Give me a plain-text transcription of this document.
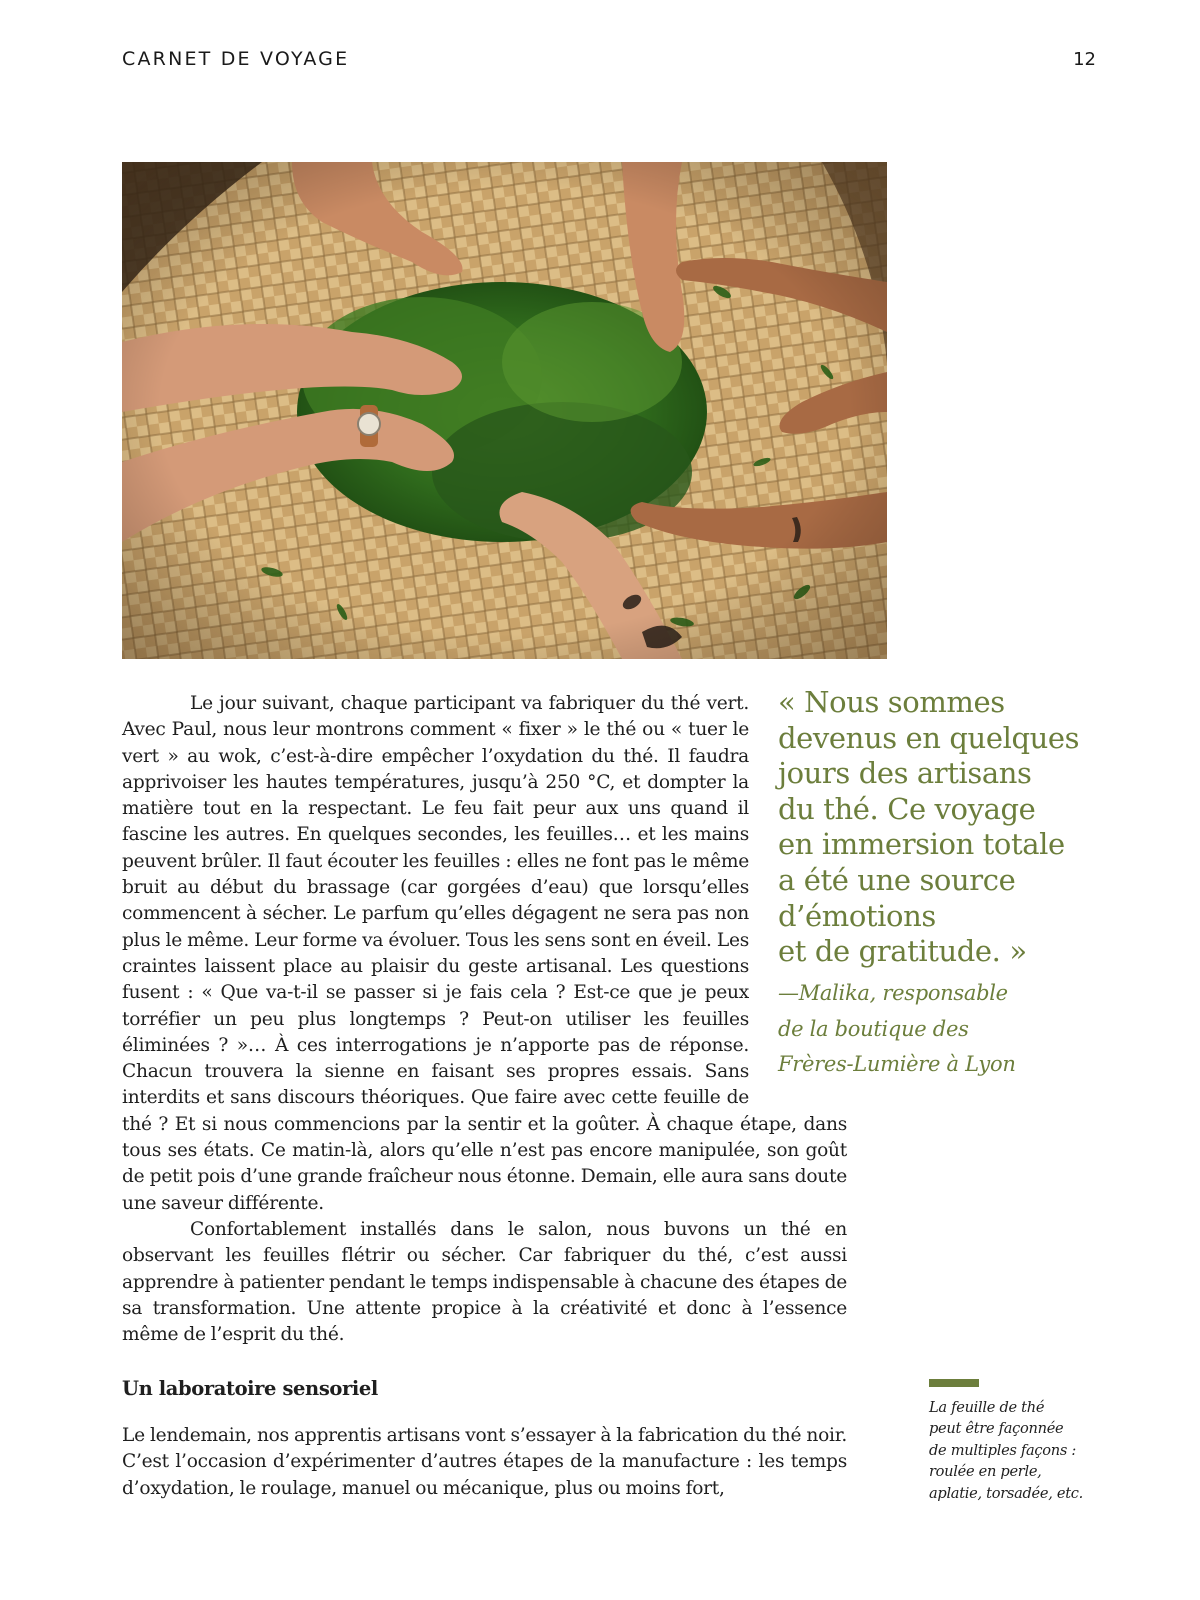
CARNET DE VOYAGE	12

Le jour suivant, chaque participant va fabriquer du thé vert. Avec Paul, nous leur montrons comment « fixer » le thé ou « tuer le vert » au wok, c’est-à-dire empêcher l’oxydation du thé. Il faudra apprivoiser les hautes températures, jusqu’à 250 °C, et dompter la matière tout en la respectant. Le feu fait peur aux uns quand il fascine les autres. En quelques secondes, les feuilles… et les mains peuvent brûler. Il faut écouter les feuilles : elles ne font pas le même bruit au début du brassage (car gorgées d’eau) que lorsqu’elles commencent à sécher. Le parfum qu’elles dégagent ne sera pas non plus le même. Leur forme va évoluer. Tous les sens sont en éveil. Les craintes laissent place au plaisir du geste artisanal. Les questions fusent : « Que va-t-il se passer si je fais cela ? Est-ce que je peux torréfier un peu plus longtemps ? Peut-on utiliser les feuilles éliminées ? »… À ces interrogations je n’apporte pas de réponse. Chacun trouvera la sienne en faisant ses propres essais. Sans interdits et sans discours théoriques. Que faire avec cette feuille de thé ? Et si nous commencions par la sentir et la goûter. À chaque étape, dans tous ses états. Ce matin-là, alors qu’elle n’est pas encore manipulée, son goût de petit pois d’une grande fraîcheur nous étonne. Demain, elle aura sans doute une saveur différente.

Confortablement installés dans le salon, nous buvons un thé en observant les feuilles flétrir ou sécher. Car fabriquer du thé, c’est aussi apprendre à patienter pendant le temps indispensable à chacune des étapes de sa transformation. Une attente propice à la créativité et donc à l’essence même de l’esprit du thé.

« Nous sommes
devenus en quelques
jours des artisans
du thé. Ce voyage
en immersion totale
a été une source
d’émotions
et de gratitude. »
—Malika, responsable
de la boutique des
Frères-Lumière à Lyon
Un laboratoire sensoriel
Le lendemain, nos apprentis artisans vont s’essayer à la fabrication du thé noir. C’est l’occasion d’expérimenter d’autres étapes de la manufacture : les temps d’oxydation, le roulage, manuel ou mécanique, plus ou moins fort,
La feuille de thé
peut être façonnée
de multiples façons :
roulée en perle,
aplatie, torsadée, etc.
